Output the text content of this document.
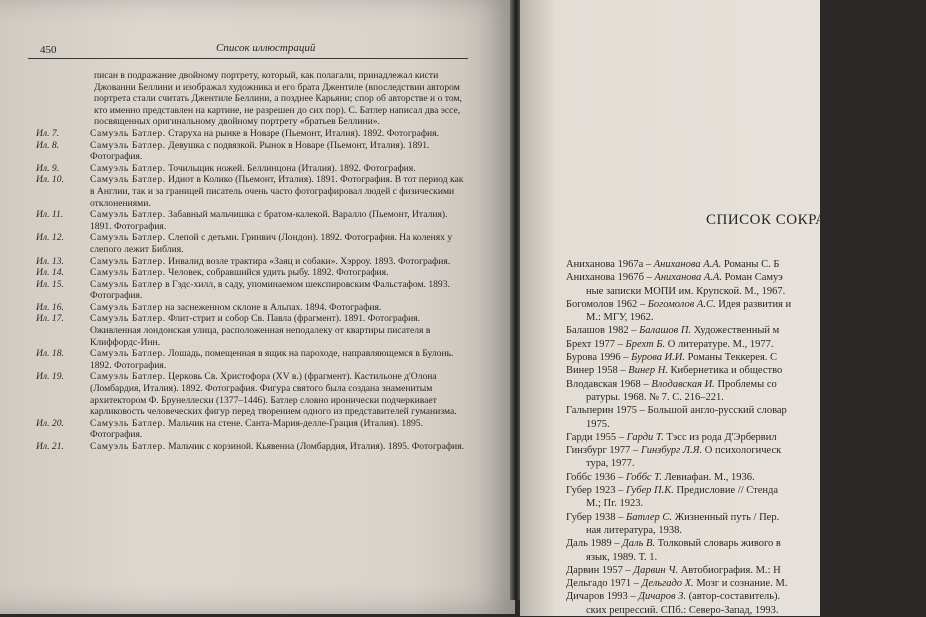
450	Список иллюстраций

писан в подражание двойному портрету, который, как полагали, принадлежал кисти Джованни Беллини и изображал художника и его брата Джентиле (впоследствии автором портрета стали считать Джентиле Беллини, а позднее Карьяни; спор об авторстве и о том, кто именно представлен на картине, не разрешен до сих пор). С. Батлер написал два эссе, посвященных оригинальному двойному портрету «братьев Беллини».

Ил. 7.	Самуэль Батлер. Старуха на рынке в Новаре (Пьемонт, Италия). 1892. Фотография.
Ил. 8.	Самуэль Батлер. Девушка с подвязкой. Рынок в Новаре (Пьемонт, Италия). 1891. Фотография.
Ил. 9.	Самуэль Батлер. Точильщик ножей. Беллинцона (Италия). 1892. Фотография.
Ил. 10.	Самуэль Батлер. Идиот в Колико (Пьемонт, Италия). 1891. Фотография. В тот период как в Англии, так и за границей писатель очень часто фотографировал людей с физическими отклонениями.
Ил. 11.	Самуэль Батлер. Забавный мальчишка с братом-калекой. Варалло (Пьемонт, Италия). 1891. Фотография.
Ил. 12.	Самуэль Батлер. Слепой с детьми. Гринвич (Лондон). 1892. Фотография. На коленях у слепого лежит Библия.
Ил. 13.	Самуэль Батлер. Инвалид возле трактира «Заяц и собаки». Хэрроу. 1893. Фотография.
Ил. 14.	Самуэль Батлер. Человек, собравшийся удить рыбу. 1892. Фотография.
Ил. 15.	Самуэль Батлер в Гэдс-хилл, в саду, упоминаемом шекспировским Фальстафом. 1893. Фотография.
Ил. 16.	Самуэль Батлер на заснеженном склоне в Альпах. 1894. Фотография.
Ил. 17.	Самуэль Батлер. Флит-стрит и собор Св. Павла (фрагмент). 1891. Фотография. Оживленная лондонская улица, расположенная неподалеку от квартиры писателя в Клиффордс-Инн.
Ил. 18.	Самуэль Батлер. Лошадь, помещенная в ящик на пароходе, направляющемся в Булонь. 1892. Фотография.
Ил. 19.	Самуэль Батлер. Церковь Св. Христофора (XV в.) (фрагмент). Кастильоне д'Олона (Ломбардия, Италия). 1892. Фотография. Фигура святого была создана знаменитым архитектором Ф. Брунеллески (1377–1446). Батлер словно иронически подчеркивает карликовость человеческих фигур перед творением одного из представителей гуманизма.
Ил. 20.	Самуэль Батлер. Мальчик на стене. Санта-Мария-делле-Грация (Италия). 1895. Фотография.
Ил. 21.	Самуэль Батлер. Мальчик с корзиной. Кьявенна (Ломбардия, Италия). 1895. Фотография.
СПИСОК СОКРА
Аниханова 1967а – Аниханова А.А. Романы С. Б
Аниханова 1967б – Аниханова А.А. Роман Самуэ
ные записки МОПИ им. Крупской. М., 1967.
Богомолов 1962 – Богомолов А.С. Идея развития и
М.: МГУ, 1962.
Балашов 1982 – Балашов П. Художественный м
Брехт 1977 – Брехт Б. О литературе. М., 1977.
Бурова 1996 – Бурова И.И. Романы Теккерея. С
Винер 1958 – Винер Н. Кибернетика и общество
Влодавская 1968 – Влодавская И. Проблемы со
ратуры. 1968. № 7. С. 216–221.
Гальперин 1975 – Большой англо-русский словар
1975.
Гарди 1955 – Гарди Т. Тэсс из рода Д'Эрбервил
Гинзбург 1977 – Гинзбург Л.Я. О психологическ
тура, 1977.
Гоббс 1936 – Гоббс Т. Левиафан. М., 1936.
Губер 1923 – Губер П.К. Предисловие // Стенда
М.; Пг. 1923.
Губер 1938 – Батлер С. Жизненный путь / Пер.
ная литература, 1938.
Даль 1989 – Даль В. Толковый словарь живого в
язык, 1989. Т. 1.
Дарвин 1957 – Дарвин Ч. Автобиография. М.: Н
Дельгадо 1971 – Дельгадо Х. Мозг и сознание. М.
Дичаров 1993 – Дичаров З. (автор-составитель).
ских репрессий. СПб.: Северо-Запад, 1993.
